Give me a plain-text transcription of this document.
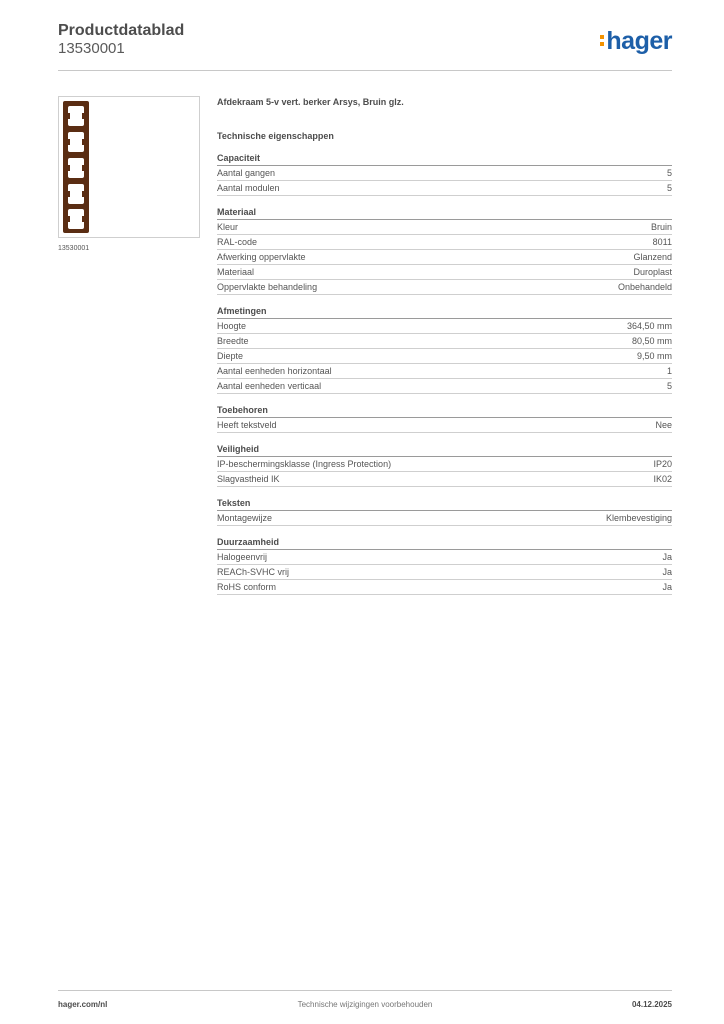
Productdatablad
13530001	hager
13530001
Afdekraam 5-v vert. berker Arsys, Bruin glz.
Technische eigenschappen
Capaciteit
Aantal gangen	5
Aantal modulen	5
Materiaal
Kleur	Bruin
RAL-code	8011
Afwerking oppervlakte	Glanzend
Materiaal	Duroplast
Oppervlakte behandeling	Onbehandeld
Afmetingen
Hoogte	364,50 mm
Breedte	80,50 mm
Diepte	9,50 mm
Aantal eenheden horizontaal	1
Aantal eenheden verticaal	5
Toebehoren
Heeft tekstveld	Nee
Veiligheid
IP-beschermingsklasse (Ingress Protection)	IP20
Slagvastheid IK	IK02
Teksten
Montagewijze	Klembevestiging
Duurzaamheid
Halogeenvrij	Ja
REACh-SVHC vrij	Ja
RoHS conform	Ja
hager.com/nl	Technische wijzigingen voorbehouden	04.12.2025
